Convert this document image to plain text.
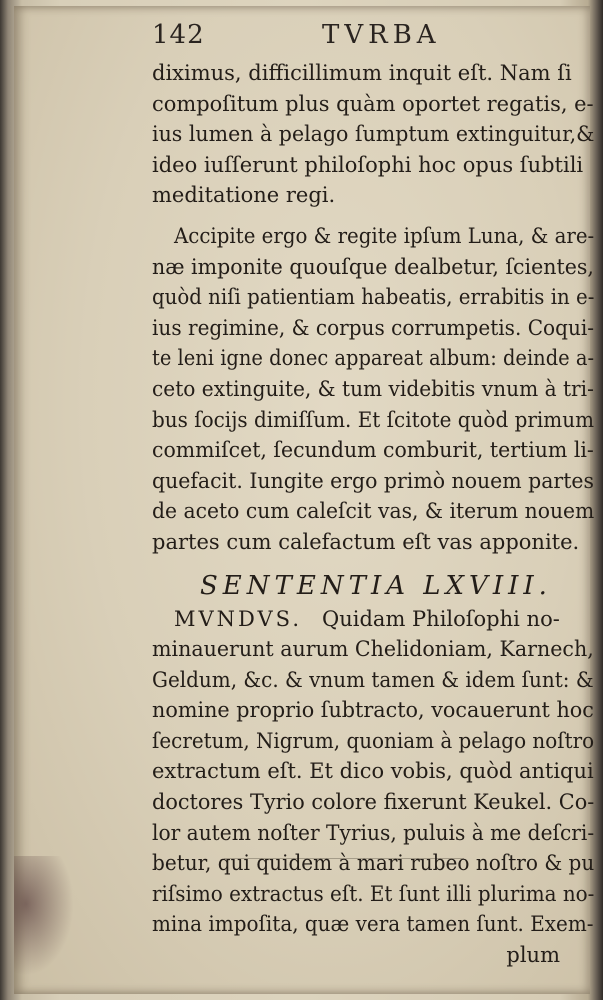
142	TVRBA
diximus, difficillimum inquit eſt. Nam ſi
compoſitum plus quàm oportet regatis, e-
ius lumen à pelago ſumptum extinguitur,&
ideo iuſſerunt philoſophi hoc opus ſubtili
meditatione regi.
Accipite ergo & regite ipſum Luna, & are-
næ imponite quouſque dealbetur, ſcientes,
quòd niſi patientiam habeatis, errabitis in e-
ius regimine, & corpus corrumpetis. Coqui-
te leni igne donec appareat album: deinde a-
ceto extinguite, & tum videbitis vnum à tri-
bus ſocijs dimiſſum. Et ſcitote quòd primum
commiſcet, ſecundum comburit, tertium li-
quefacit. Iungite ergo primò nouem partes
de aceto cum caleſcit vas, & iterum nouem
partes cum calefactum eſt vas apponite.
SENTENTIA LXVIII.
MVNDVS. Quidam Philoſophi no-
minauerunt aurum Chelidoniam, Karnech,
Geldum, &c. & vnum tamen & idem ſunt: &
nomine proprio ſubtracto, vocauerunt hoc
ſecretum, Nigrum, quoniam à pelago noſtro
extractum eſt. Et dico vobis, quòd antiqui
doctores Tyrio colore fixerunt Keukel. Co-
lor autem noſter Tyrius, puluis à me deſcri-
betur, qui quidem à mari rubeo noſtro & pu
riſsimo extractus eſt. Et ſunt illi plurima no-
mina impoſita, quæ vera tamen ſunt. Exem-
plum
